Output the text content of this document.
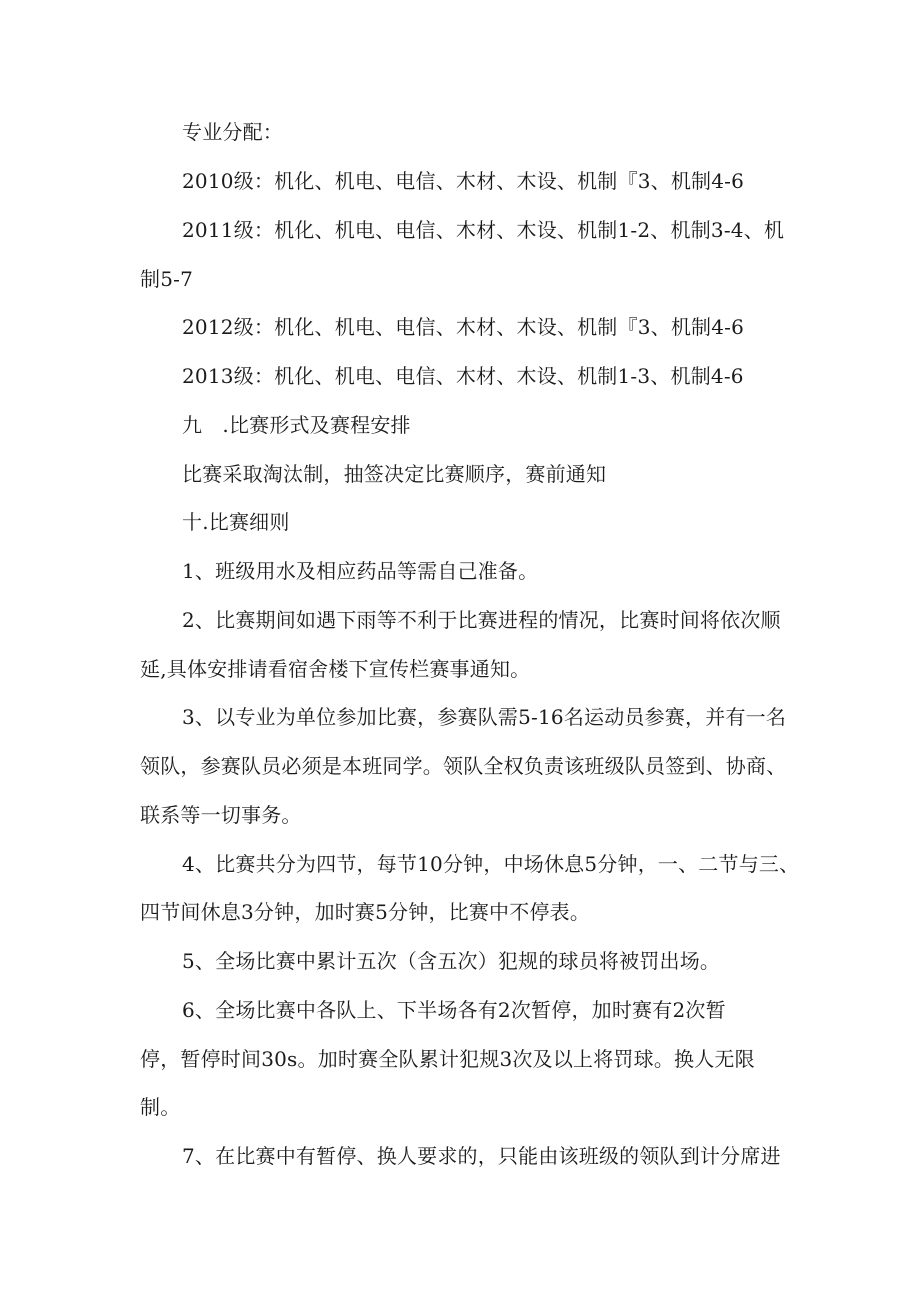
专业分配：
2010级：机化、机电、电信、木材、木设、机制『3、机制4-6
2011级：机化、机电、电信、木材、木设、机制1-2、机制3-4、机
制5-7
2012级：机化、机电、电信、木材、木设、机制『3、机制4-6
2013级：机化、机电、电信、木材、木设、机制1-3、机制4-6
九　.比赛形式及赛程安排
比赛采取淘汰制，抽签决定比赛顺序，赛前通知
十.比赛细则
1、班级用水及相应药品等需自己准备。
2、比赛期间如遇下雨等不利于比赛进程的情况，比赛时间将依次顺
延,具体安排请看宿舍楼下宣传栏赛事通知。
3、以专业为单位参加比赛，参赛队需5-16名运动员参赛，并有一名
领队，参赛队员必须是本班同学。领队全权负责该班级队员签到、协商、
联系等一切事务。
4、比赛共分为四节，每节10分钟，中场休息5分钟，一、二节与三、
四节间休息3分钟，加时赛5分钟，比赛中不停表。
5、全场比赛中累计五次（含五次）犯规的球员将被罚出场。
6、全场比赛中各队上、下半场各有2次暂停，加时赛有2次暂
停，暂停时间30s。加时赛全队累计犯规3次及以上将罚球。换人无限
制。
7、在比赛中有暂停、换人要求的，只能由该班级的领队到计分席进
